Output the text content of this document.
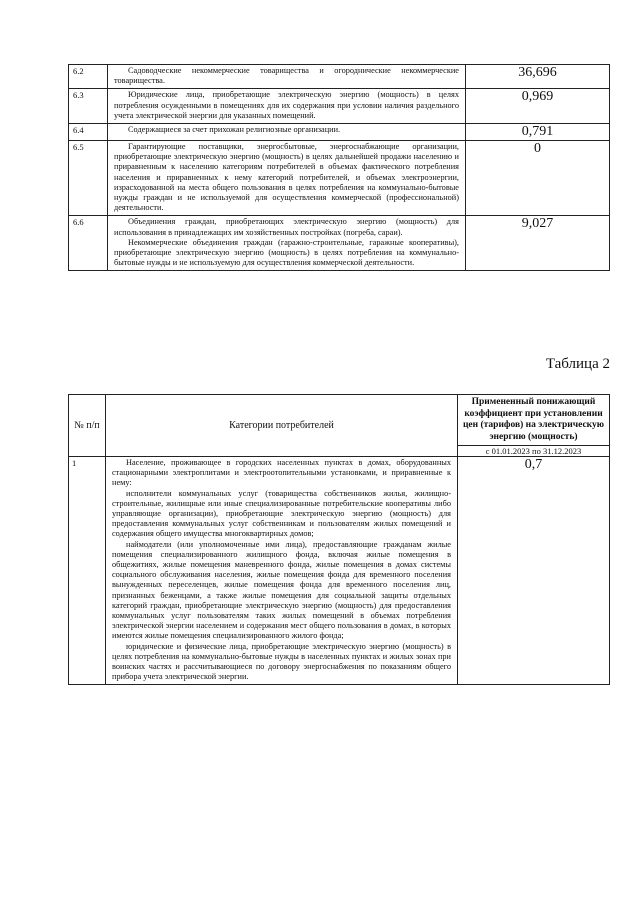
6.2	Садоводческие некоммерческие товарищества и огороднические некоммерческие товарищества.	36,696
6.3	Юридические лица, приобретающие электрическую энергию (мощность) в целях потребления осужденными в помещениях для их содержания при условии наличия раздельного учета электрической энергии для указанных помещений.	0,969
6.4	Содержащиеся за счет прихожан религиозные организации.	0,791
6.5	Гарантирующие поставщики, энергосбытовые, энергоснабжающие организации, приобретающие электрическую энергию (мощность) в целях дальнейшей продажи населению и приравненным к населению категориям потребителей в объемах фактического потребления населения и приравненных к нему категорий потребителей, и объемах электроэнергии, израсходованной на места общего пользования в целях потребления на коммунально-бытовые нужды граждан и не используемой для осуществления коммерческой (профессиональной) деятельности.	0
6.6	Объединения граждан, приобретающих электрическую энергию (мощность) для использования в принадлежащих им хозяйственных постройках (погреба, сараи).

Некоммерческие объединения граждан (гаражно-строительные, гаражные кооперативы), приобретающие электрическую энергию (мощность) в целях потребления на коммунально-бытовые нужды и не используемую для осуществления коммерческой деятельности.	9,027
Таблица 2
№ п/п	Категории потребителей	Примененный понижающий коэффициент при установлении цен (тарифов) на электрическую энергию (мощность)
		с 01.01.2023 по 31.12.2023
1	Население, проживающее в городских населенных пунктах в домах, оборудованных стационарными электроплитами и электроотопительными установками, и приравненные к нему:

исполнители коммунальных услуг (товарищества собственников жилья, жилищно-строительные, жилищные или иные специализированные потребительские кооперативы либо управляющие организации), приобретающие электрическую энергию (мощность) для предоставления коммунальных услуг собственникам и пользователям жилых помещений и содержания общего имущества многоквартирных домов;

наймодатели (или уполномоченные ими лица), предоставляющие гражданам жилые помещения специализированного жилищного фонда, включая жилые помещения в общежитиях, жилые помещения маневренного фонда, жилые помещения в домах системы социального обслуживания населения, жилые помещения фонда для временного поселения вынужденных переселенцев, жилые помещения фонда для временного поселения лиц, признанных беженцами, а также жилые помещения для социальной защиты отдельных категорий граждан, приобретающие электрическую энергию (мощность) для предоставления коммунальных услуг пользователям таких жилых помещений в объемах потребления электрической энергии населением и содержания мест общего пользования в домах, в которых имеются жилые помещения специализированного жилого фонда;

юридические и физические лица, приобретающие электрическую энергию (мощность) в целях потребления на коммунально-бытовые нужды в населенных пунктах и жилых зонах при воинских частях и рассчитывающиеся по договору энергоснабжения по показаниям общего прибора учета электрической энергии.	0,7
